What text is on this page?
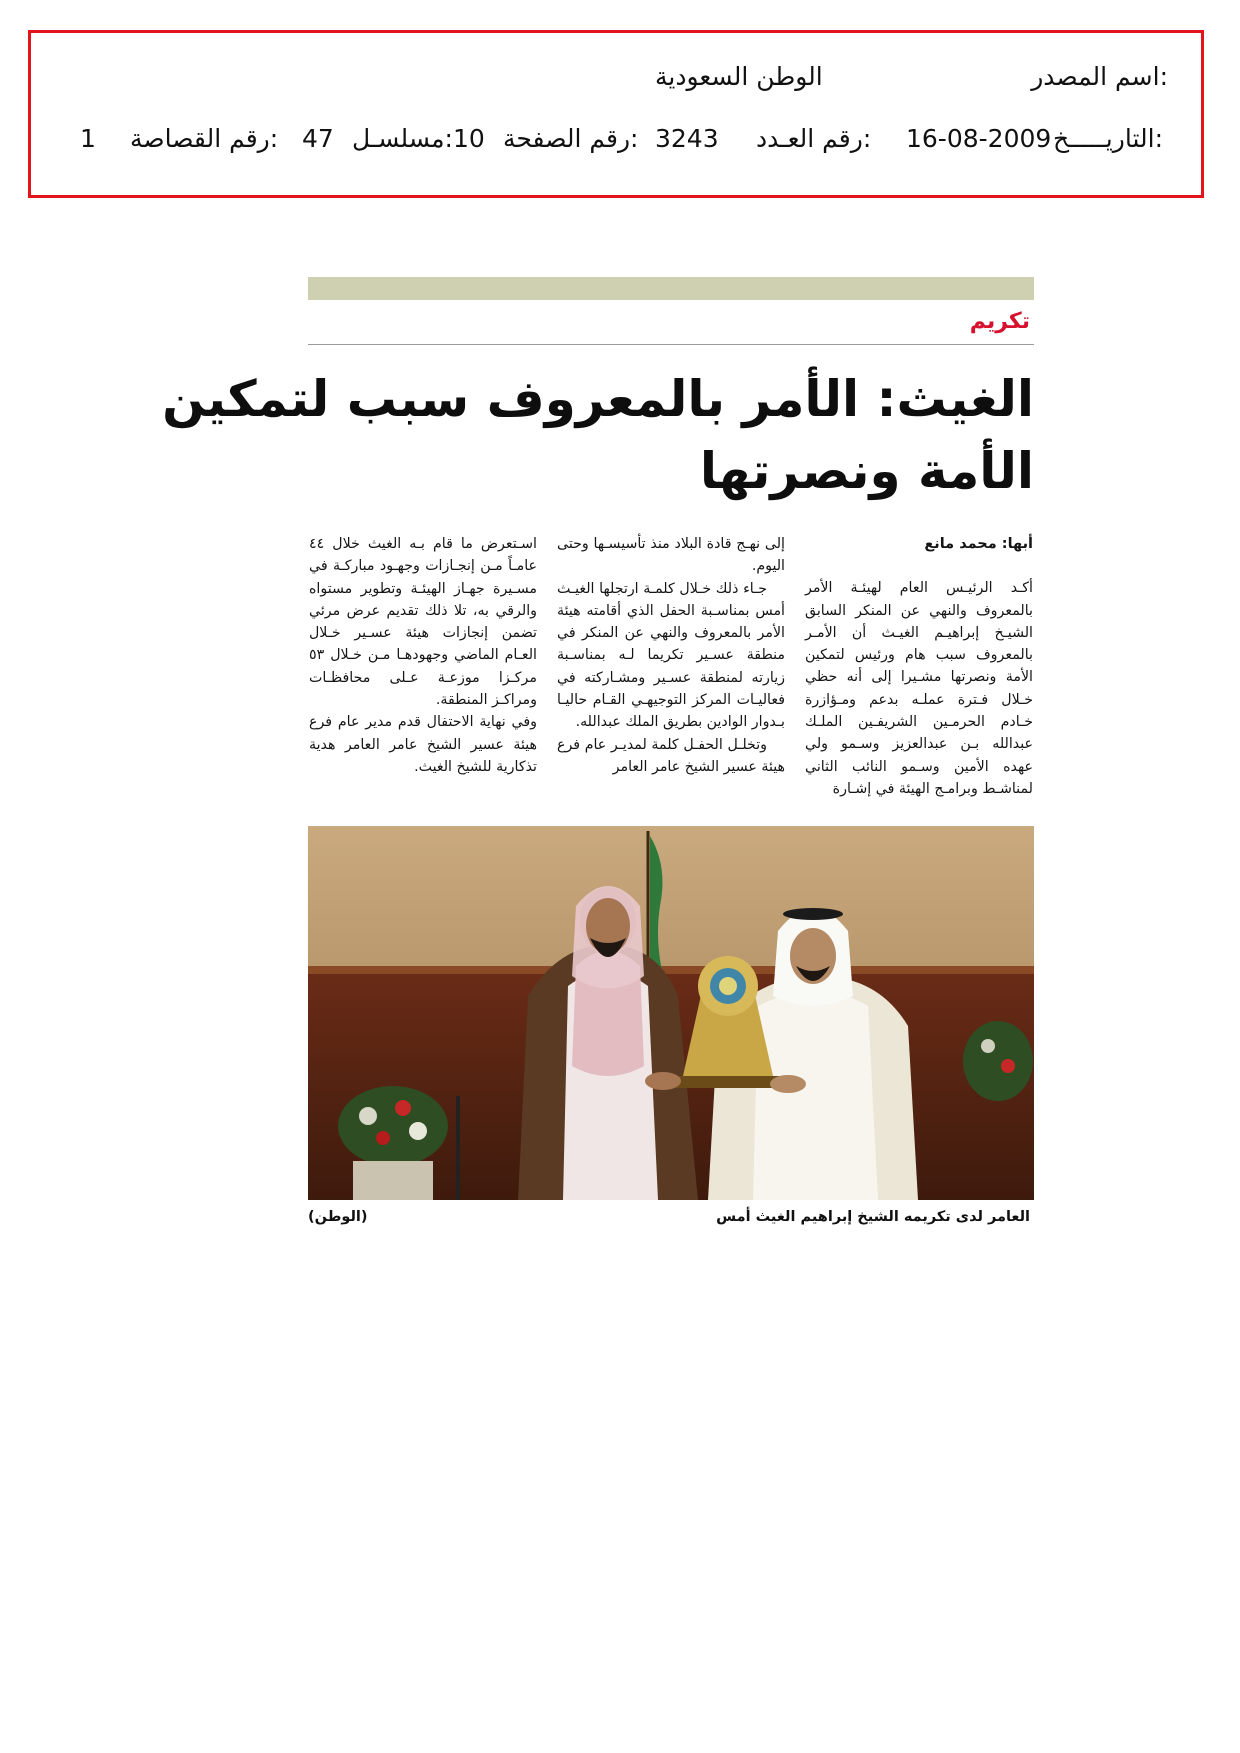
اسم المصدر:
الوطن السعودية
التاريـــــخ:
16-08-2009
رقم العـدد:
3243
رقم الصفحة:
10
مسلسـل:
47
رقم القصاصة:
1
تكريم
الغيث: الأمر بالمعروف سبب لتمكين
الأمة ونصرتها

أبها: محمد مانع

أكـد الرئيـس العام لهيئـة الأمر بالمعروف والنهي عن المنكر السابق الشيـخ إبراهيـم الغيـث أن الأمـر بالمعروف سبب هام ورئيس لتمكين الأمة ونصرتها مشـيرا إلى أنه حظي خـلال فـترة عملـه بدعم ومـؤازرة خـادم الحرمـين الشريفـين الملـك عبدالله بـن عبدالعزيز وسـمو ولي عهده الأمين وسـمو النائب الثاني لمناشـط وبرامـج الهيئة في إشـارة

إلى نهـج قادة البلاد منذ تأسيسـها وحتى اليوم.

جـاء ذلك خـلال كلمـة ارتجلها الغيـث أمس بمناسـبة الحفل الذي أقامته هيئة الأمر بالمعروف والنهي عن المنكر في منطقة عسـير تكريما لـه بمناسـبة زيارته لمنطقة عسـير ومشـاركته في فعاليـات المركز التوجيهـي القـام حاليـا بـدوار الوادين بطريق الملك عبدالله.

وتخلـل الحفـل كلمة لمديـر عام فرع هيئة عسير الشيخ عامر العامر

اسـتعرض ما قام بـه الغيث خلال ٤٤ عامـاً مـن إنجـازات وجهـود مباركـة في مسـيرة جهـاز الهيئـة وتطوير مستواه والرقي به، تلا ذلك تقديم عرض مرئي تضمن إنجازات هيئة عسـير خـلال العـام الماضي وجهودهـا مـن خـلال ٥٣ مركـزا موزعـة عـلى محافظـات ومراكـز المنطقة.

وفي نهاية الاحتفال قدم مدير عام فرع هيئة عسير الشيخ عامر العامر هدية تذكارية للشيخ الغيث.

العامر لدى تكريمه الشيخ إبراهيم الغيث أمس
(الوطن)
